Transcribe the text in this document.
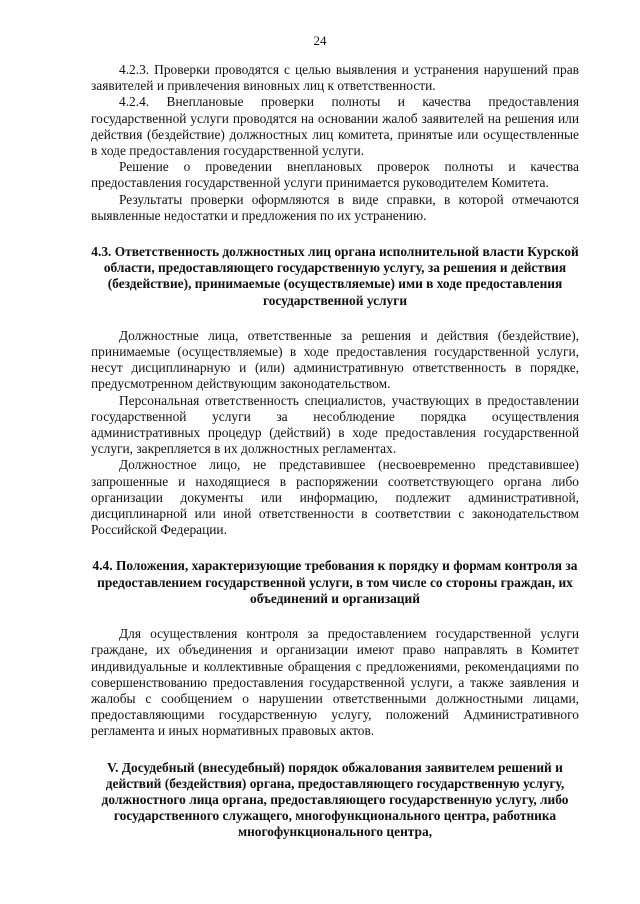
24

4.2.3. Проверки проводятся с целью выявления и устранения нарушений прав заявителей и привлечения виновных лиц к ответственности.

4.2.4. Внеплановые проверки полноты и качества предоставления государственной услуги проводятся на основании жалоб заявителей на решения или действия (бездействие) должностных лиц комитета, принятые или осуществленные в ходе предоставления государственной услуги.

Решение о проведении внеплановых проверок полноты и качества предоставления государственной услуги принимается руководителем Комитета.

Результаты проверки оформляются в виде справки, в которой отмечаются выявленные недостатки и предложения по их устранению.

4.3. Ответственность должностных лиц органа исполнительной власти Курской области, предоставляющего государственную услугу, за решения и действия (бездействие), принимаемые (осуществляемые) ими в ходе предоставления государственной услуги

Должностные лица, ответственные за решения и действия (бездействие), принимаемые (осуществляемые) в ходе предоставления государственной услуги, несут дисциплинарную и (или) административную ответственность в порядке, предусмотренном действующим законодательством.

Персональная ответственность специалистов, участвующих в предоставлении государственной услуги за несоблюдение порядка осуществления административных процедур (действий) в ходе предоставления государственной услуги, закрепляется в их должностных регламентах.

Должностное лицо, не представившее (несвоевременно представившее) запрошенные и находящиеся в распоряжении соответствующего органа либо организации документы или информацию, подлежит административной, дисциплинарной или иной ответственности в соответствии с законодательством Российской Федерации.

4.4. Положения, характеризующие требования к порядку и формам контроля за предоставлением государственной услуги, в том числе со стороны граждан, их объединений и организаций

Для осуществления контроля за предоставлением государственной услуги граждане, их объединения и организации имеют право направлять в Комитет индивидуальные и коллективные обращения с предложениями, рекомендациями по совершенствованию предоставления государственной услуги, а также заявления и жалобы с сообщением о нарушении ответственными должностными лицами, предоставляющими государственную услугу, положений Административного регламента и иных нормативных правовых актов.

V. Досудебный (внесудебный) порядок обжалования заявителем решений и действий (бездействия) органа, предоставляющего государственную услугу, должностного лица органа, предоставляющего государственную услугу, либо государственного служащего, многофункционального центра, работника многофункционального центра,
